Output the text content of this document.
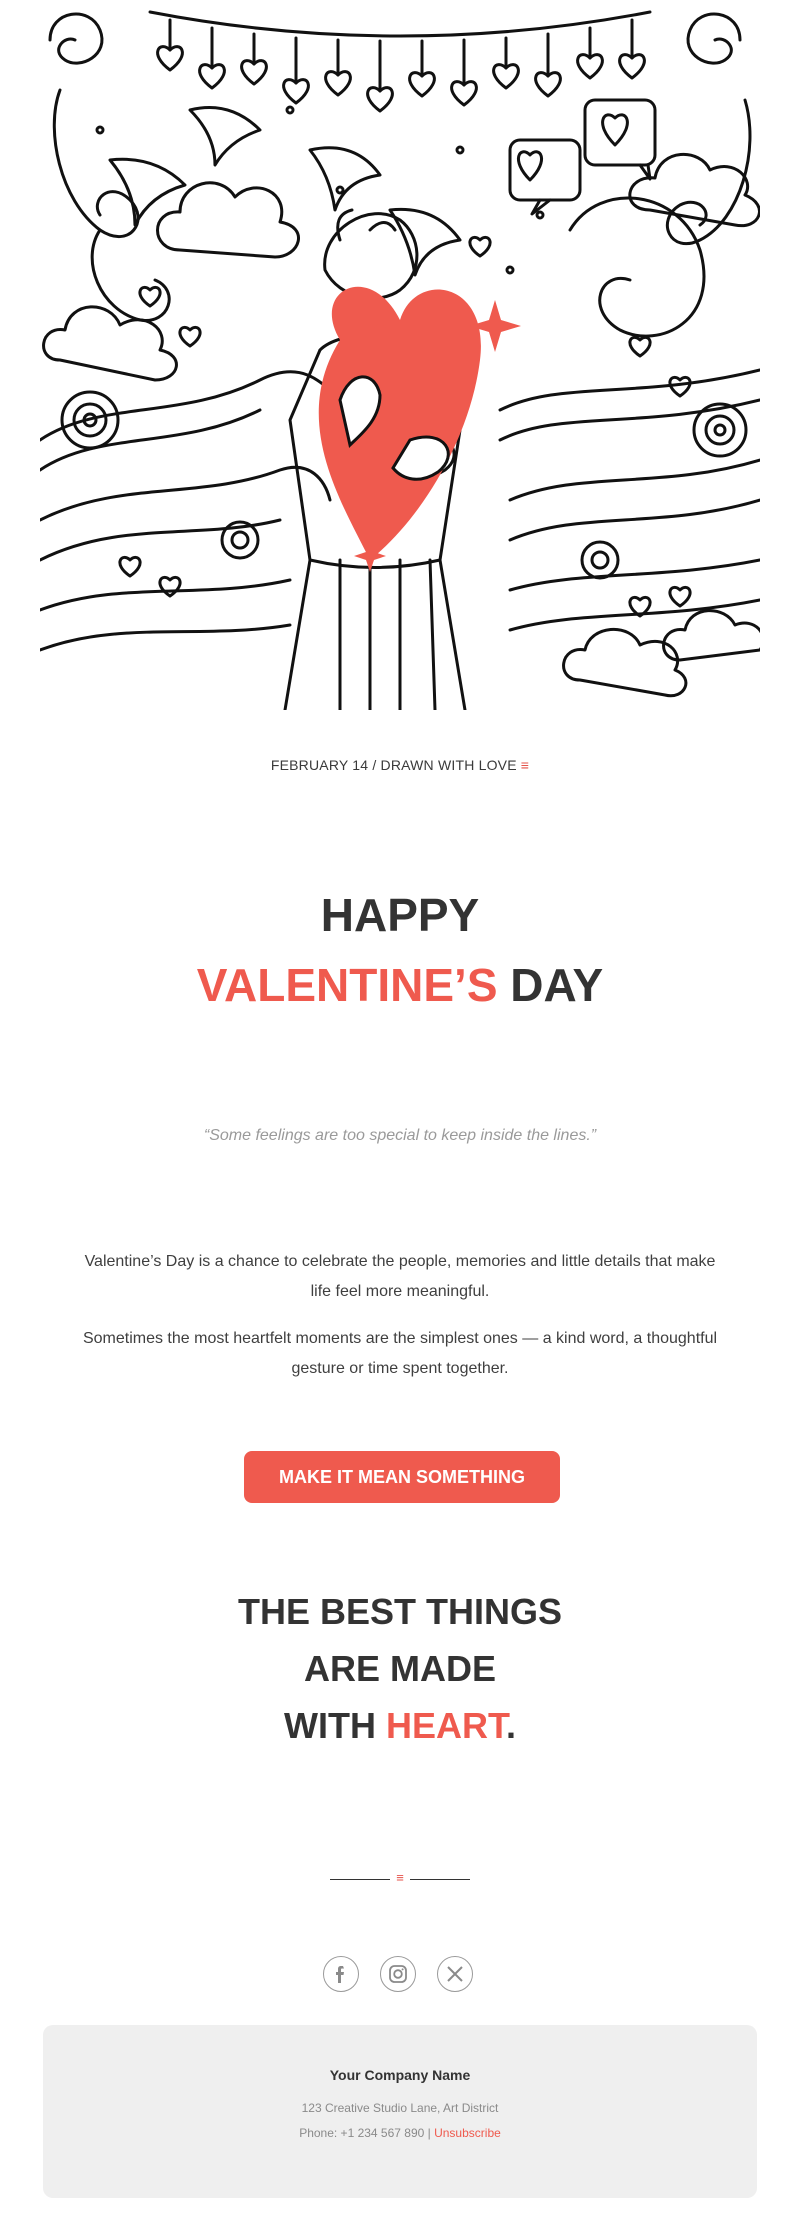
FEBRUARY 14 / DRAWN WITH LOVE ≡
HAPPY
VALENTINE’S DAY
“Some feelings are too special to keep inside the lines.”
Valentine’s Day is a chance to celebrate the people, memories and little details that make life feel more meaningful.
Sometimes the most heartfelt moments are the simplest ones — a kind word, a thoughtful gesture or time spent together.
MAKE IT MEAN SOMETHING
THE BEST THINGS
ARE MADE
WITH HEART.
≡
Your Company Name
123 Creative Studio Lane, Art District
Phone: +1 234 567 890 | Unsubscribe
